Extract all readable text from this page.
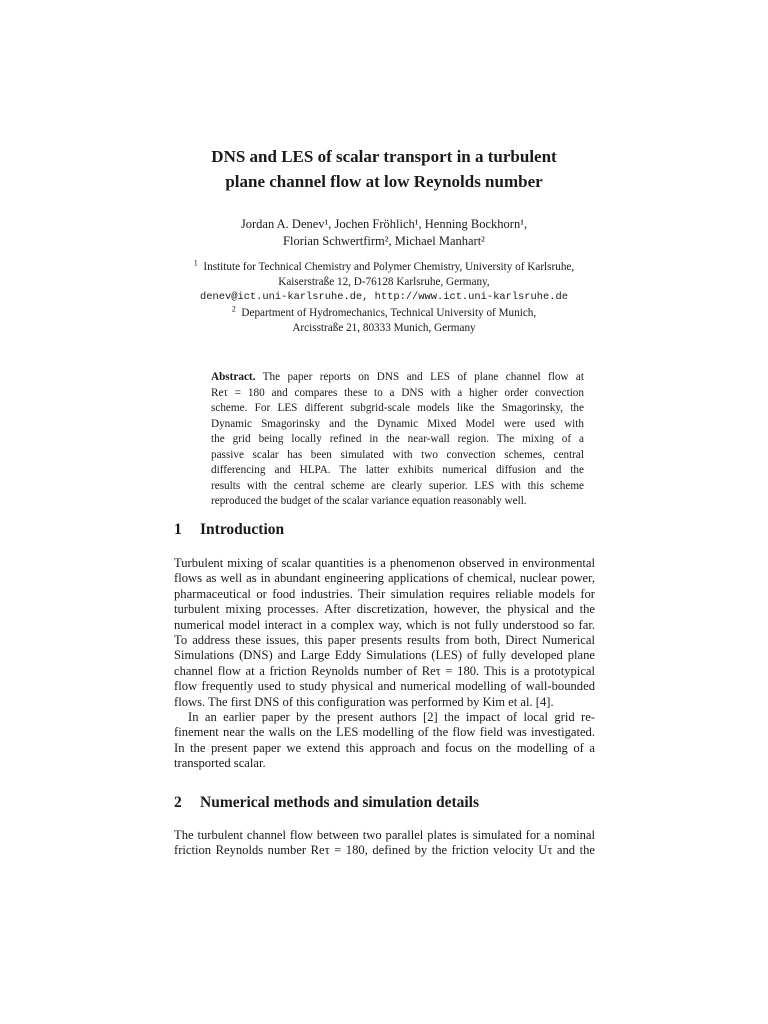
DNS and LES of scalar transport in a turbulent
plane channel flow at low Reynolds number
Jordan A. Denev¹, Jochen Fröhlich¹, Henning Bockhorn¹,
Florian Schwertfirm², Michael Manhart²
$^1$ Institute for Technical Chemistry and Polymer Chemistry, University of Karlsruhe,
Kaiserstraße 12, D-76128 Karlsruhe, Germany,
denev@ict.uni-karlsruhe.de, http://www.ict.uni-karlsruhe.de
$^2$ Department of Hydromechanics, Technical University of Munich,
Arcisstraße 21, 80333 Munich, Germany
Abstract. The paper reports on DNS and LES of plane channel flow at
Reτ = 180 and compares these to a DNS with a higher order convection
scheme. For LES different subgrid-scale models like the Smagorinsky, the
Dynamic Smagorinsky and the Dynamic Mixed Model were used with
the grid being locally refined in the near-wall region. The mixing of a
passive scalar has been simulated with two convection schemes, central
differencing and HLPA. The latter exhibits numerical diffusion and the
results with the central scheme are clearly superior. LES with this scheme
reproduced the budget of the scalar variance equation reasonably well.
1 Introduction
Turbulent mixing of scalar quantities is a phenomenon observed in environmental
flows as well as in abundant engineering applications of chemical, nuclear power,
pharmaceutical or food industries. Their simulation requires reliable models for
turbulent mixing processes. After discretization, however, the physical and the
numerical model interact in a complex way, which is not fully understood so far.
To address these issues, this paper presents results from both, Direct Numerical
Simulations (DNS) and Large Eddy Simulations (LES) of fully developed plane
channel flow at a friction Reynolds number of Reτ = 180. This is a prototypical
flow frequently used to study physical and numerical modelling of wall-bounded
flows. The first DNS of this configuration was performed by Kim et al. [4].
In an earlier paper by the present authors [2] the impact of local grid re-
finement near the walls on the LES modelling of the flow field was investigated.
In the present paper we extend this approach and focus on the modelling of a
transported scalar.
2 Numerical methods and simulation details
The turbulent channel flow between two parallel plates is simulated for a nominal
friction Reynolds number Reτ = 180, defined by the friction velocity Uτ and the
